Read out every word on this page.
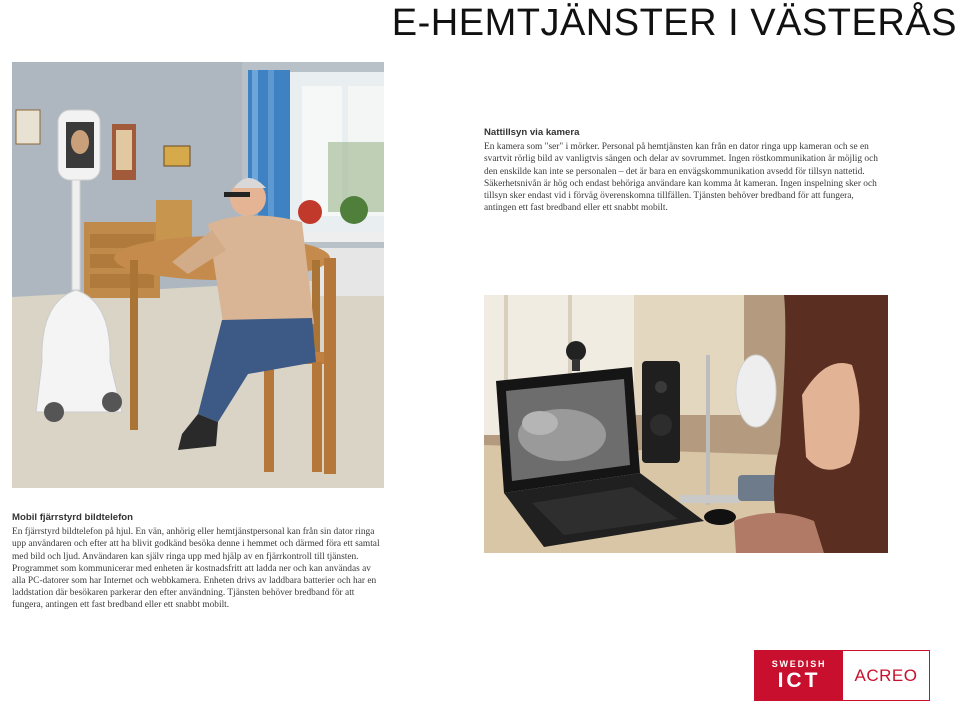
E-HEMTJÄNSTER I VÄSTERÅS
Nattillsyn via kamera

En kamera som "ser" i mörker. Personal på hemtjänsten kan från en dator ringa upp kameran och se en svartvit rörlig bild av vanligtvis sängen och delar av sovrummet. Ingen röstkommunikation är möjlig och den enskilde kan inte se personalen – det är bara en envägskommunikation avsedd för tillsyn nattetid. Säkerhetsnivån är hög och endast behöriga användare kan komma åt kameran. Ingen inspelning sker och tillsyn sker endast vid i förväg överenskomna tillfällen. Tjänsten behöver bredband för att fungera, antingen ett fast bredband eller ett snabbt mobilt.

Mobil fjärrstyrd bildtelefon

En fjärrstyrd bildtelefon på hjul. En vän, anhörig eller hemtjänstpersonal kan från sin dator ringa upp användaren och efter att ha blivit godkänd besöka denne i hemmet och därmed föra ett samtal med bild och ljud. Användaren kan själv ringa upp med hjälp av en fjärrkontroll till tjänsten. Programmet som kommunicerar med enheten är kostnadsfritt att ladda ner och kan användas av alla PC-datorer som har Internet och webbkamera. Enheten drivs av laddbara batterier och har en laddstation där besökaren parkerar den efter användning. Tjänsten behöver bredband för att fungera, antingen ett fast bredband eller ett snabbt mobilt.

SWEDISH
ICT	ACREO
